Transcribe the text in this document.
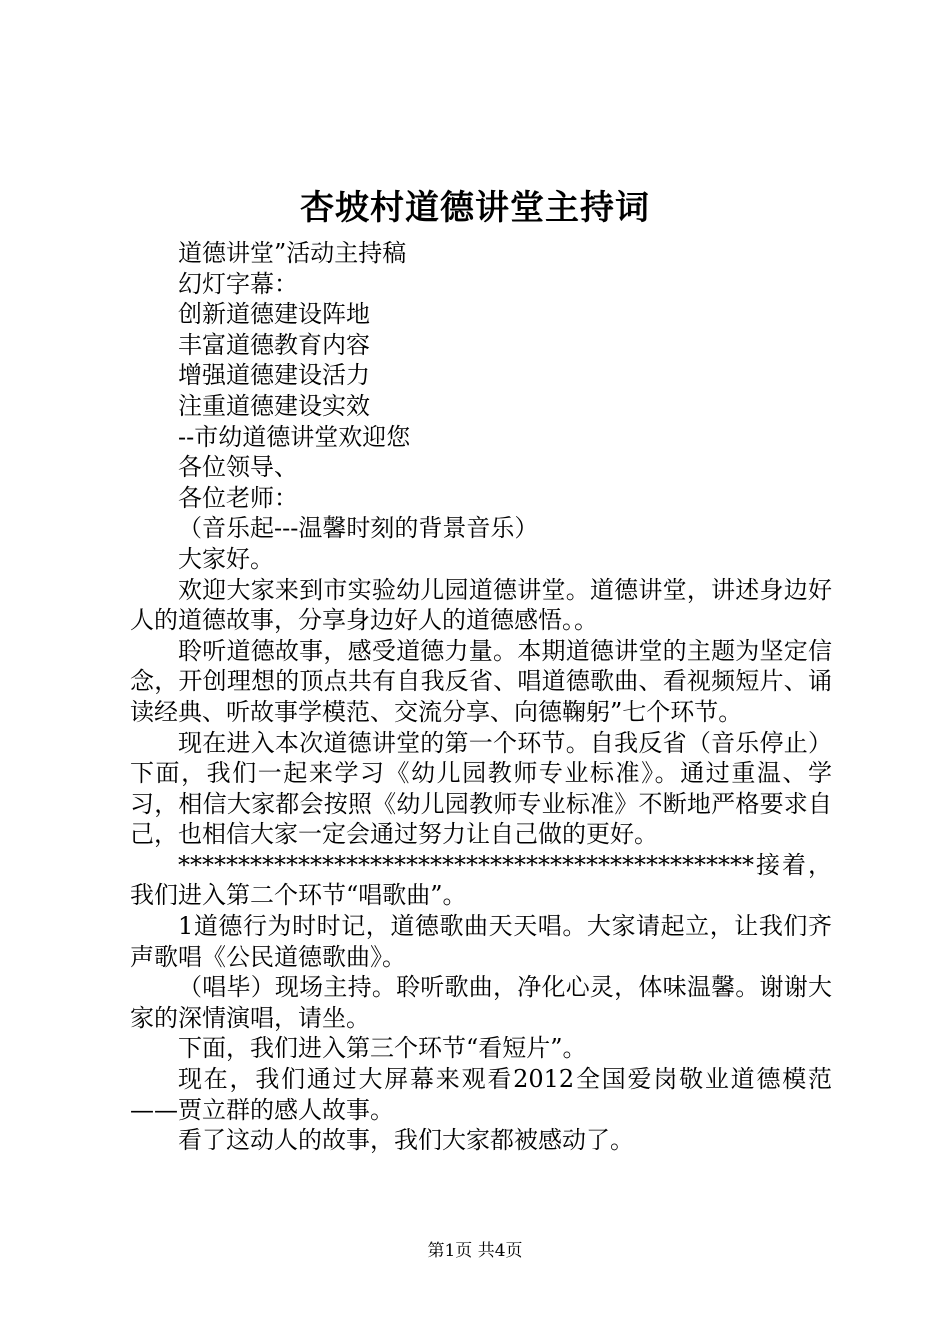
杏坡村道德讲堂主持词

道德讲堂”活动主持稿

幻灯字幕：

创新道德建设阵地

丰富道德教育内容

增强道德建设活力

注重道德建设实效

--市幼道德讲堂欢迎您

各位领导、

各位老师：

（音乐起---温馨时刻的背景音乐）

大家好。

欢迎大家来到市实验幼儿园道德讲堂。道德讲堂，讲述身边好人的道德故事，分享身边好人的道德感悟。。

聆听道德故事，感受道德力量。本期道德讲堂的主题为坚定信念，开创理想的顶点共有自我反省、唱道德歌曲、看视频短片、诵读经典、听故事学模范、交流分享、向德鞠躬”七个环节。

现在进入本次道德讲堂的第一个环节。自我反省（音乐停止）下面，我们一起来学习《幼儿园教师专业标准》。通过重温、学习，相信大家都会按照《幼儿园教师专业标准》不断地严格要求自己，也相信大家一定会通过努力让自己做的更好。

************************************************接着，我们进入第二个环节“唱歌曲”。

1道德行为时时记，道德歌曲天天唱。大家请起立，让我们齐声歌唱《公民道德歌曲》。

（唱毕）现场主持。聆听歌曲，净化心灵，体味温馨。谢谢大家的深情演唱，请坐。

下面，我们进入第三个环节“看短片”。

现在，我们通过大屏幕来观看2012全国爱岗敬业道德模范——贾立群的感人故事。

看了这动人的故事，我们大家都被感动了。

第1页 共4页
